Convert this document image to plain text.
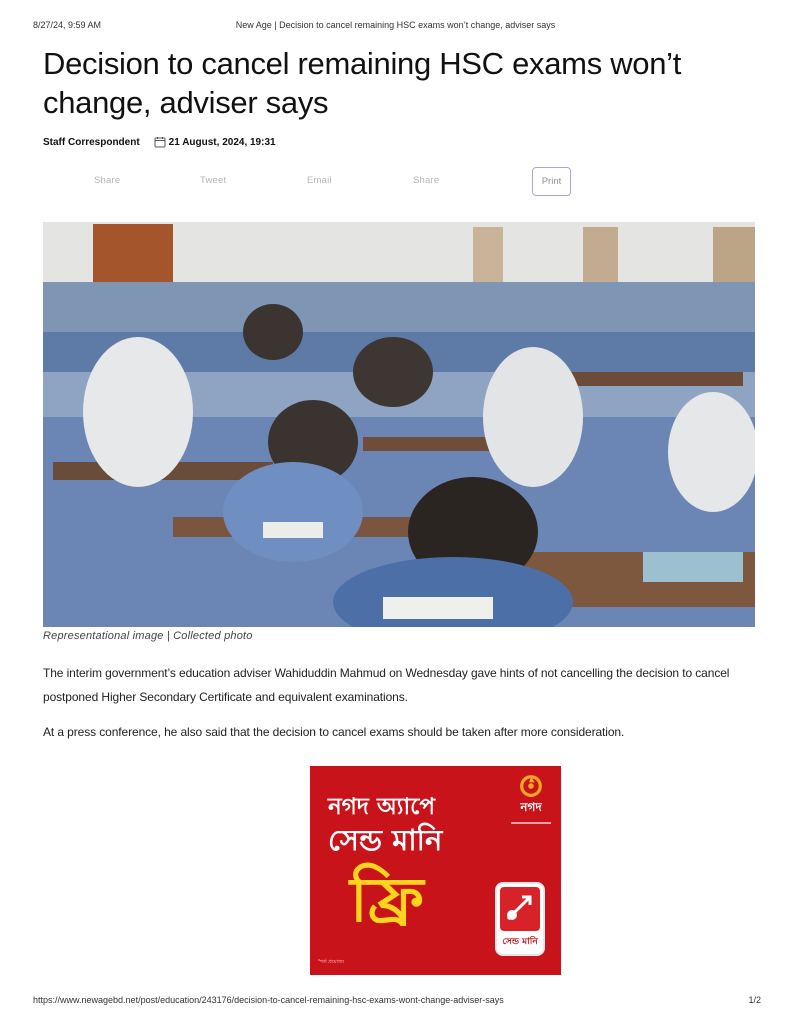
8/27/24, 9:59 AM	New Age | Decision to cancel remaining HSC exams won’t change, adviser says
Decision to cancel remaining HSC exams won’t change, adviser says
Staff Correspondent	21 August, 2024, 19:31
Share	Tweet	Email	Share	Print
Representational image | Collected photo

The interim government’s education adviser Wahiduddin Mahmud on Wednesday gave hints of not cancelling the decision to cancel postponed Higher Secondary Certificate and equivalent examinations.

At a press conference, he also said that the decision to cancel exams should be taken after more consideration.

নগদ
নগদ অ্যাপে
সেন্ড মানি
ফ্রি
সেন্ড মানি
*শর্ত প্রযোজ্য
https://www.newagebd.net/post/education/243176/decision-to-cancel-remaining-hsc-exams-wont-change-adviser-says	1/2
